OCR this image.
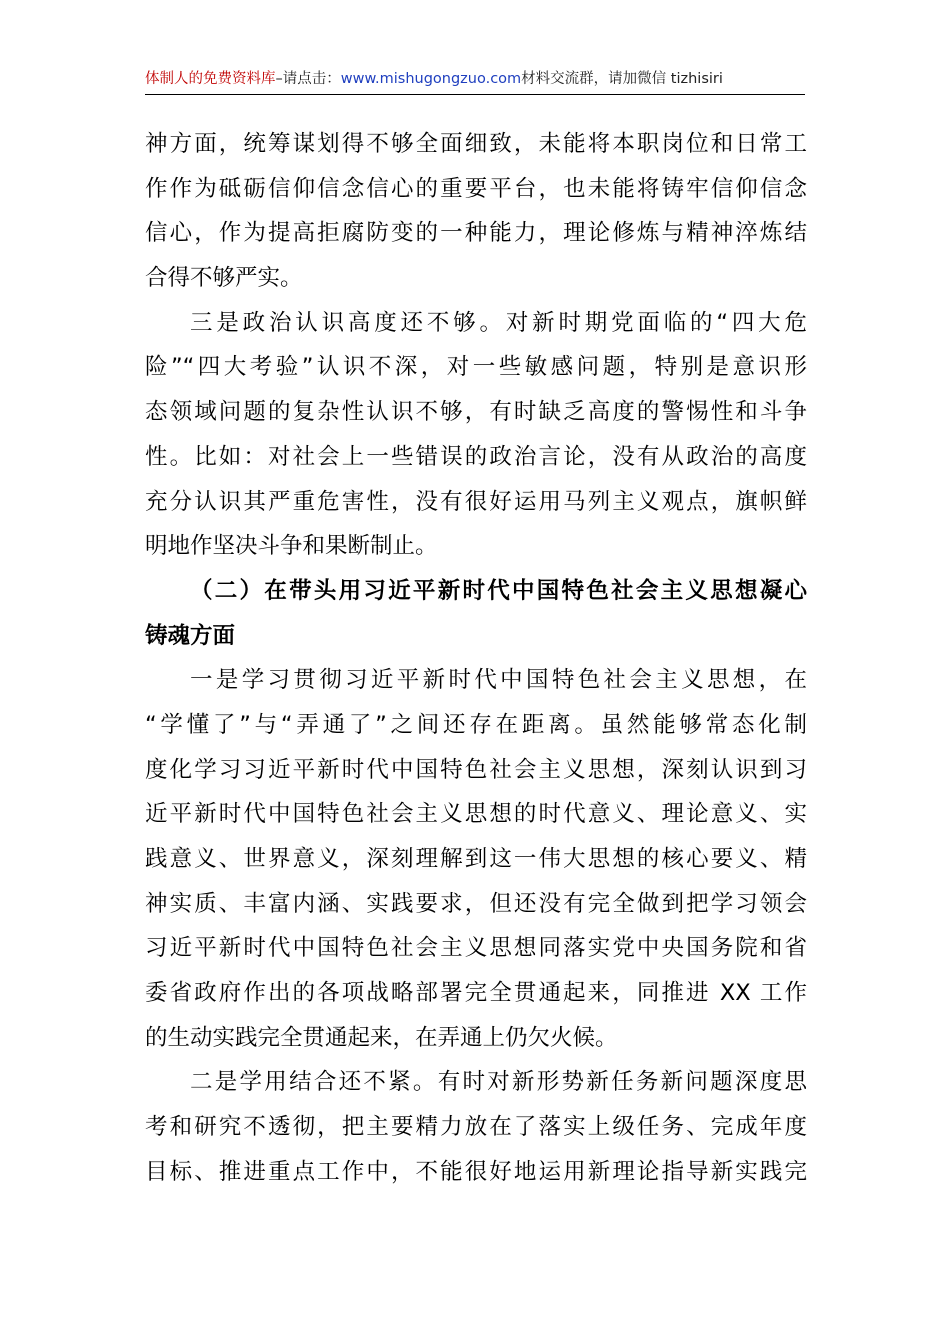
体制人的免费资料库–请点击：www.mishugongzuo.com材料交流群，请加微信 tizhisiri
神方面，统筹谋划得不够全面细致，未能将本职岗位和日常工
作作为砥砺信仰信念信心的重要平台，也未能将铸牢信仰信念
信心，作为提高拒腐防变的一种能力，理论修炼与精神淬炼结
合得不够严实。
三是政治认识高度还不够。对新时期党面临的“四大危
险”“四大考验”认识不深，对一些敏感问题，特别是意识形
态领域问题的复杂性认识不够，有时缺乏高度的警惕性和斗争
性。比如：对社会上一些错误的政治言论，没有从政治的高度
充分认识其严重危害性，没有很好运用马列主义观点，旗帜鲜
明地作坚决斗争和果断制止。
（二）在带头用习近平新时代中国特色社会主义思想凝心
铸魂方面
一是学习贯彻习近平新时代中国特色社会主义思想，在
“学懂了”与“弄通了”之间还存在距离。虽然能够常态化制
度化学习习近平新时代中国特色社会主义思想，深刻认识到习
近平新时代中国特色社会主义思想的时代意义、理论意义、实
践意义、世界意义，深刻理解到这一伟大思想的核心要义、精
神实质、丰富内涵、实践要求，但还没有完全做到把学习领会
习近平新时代中国特色社会主义思想同落实党中央国务院和省
委省政府作出的各项战略部署完全贯通起来，同推进 XX 工作
的生动实践完全贯通起来，在弄通上仍欠火候。
二是学用结合还不紧。有时对新形势新任务新问题深度思
考和研究不透彻，把主要精力放在了落实上级任务、完成年度
目标、推进重点工作中，不能很好地运用新理论指导新实践完
